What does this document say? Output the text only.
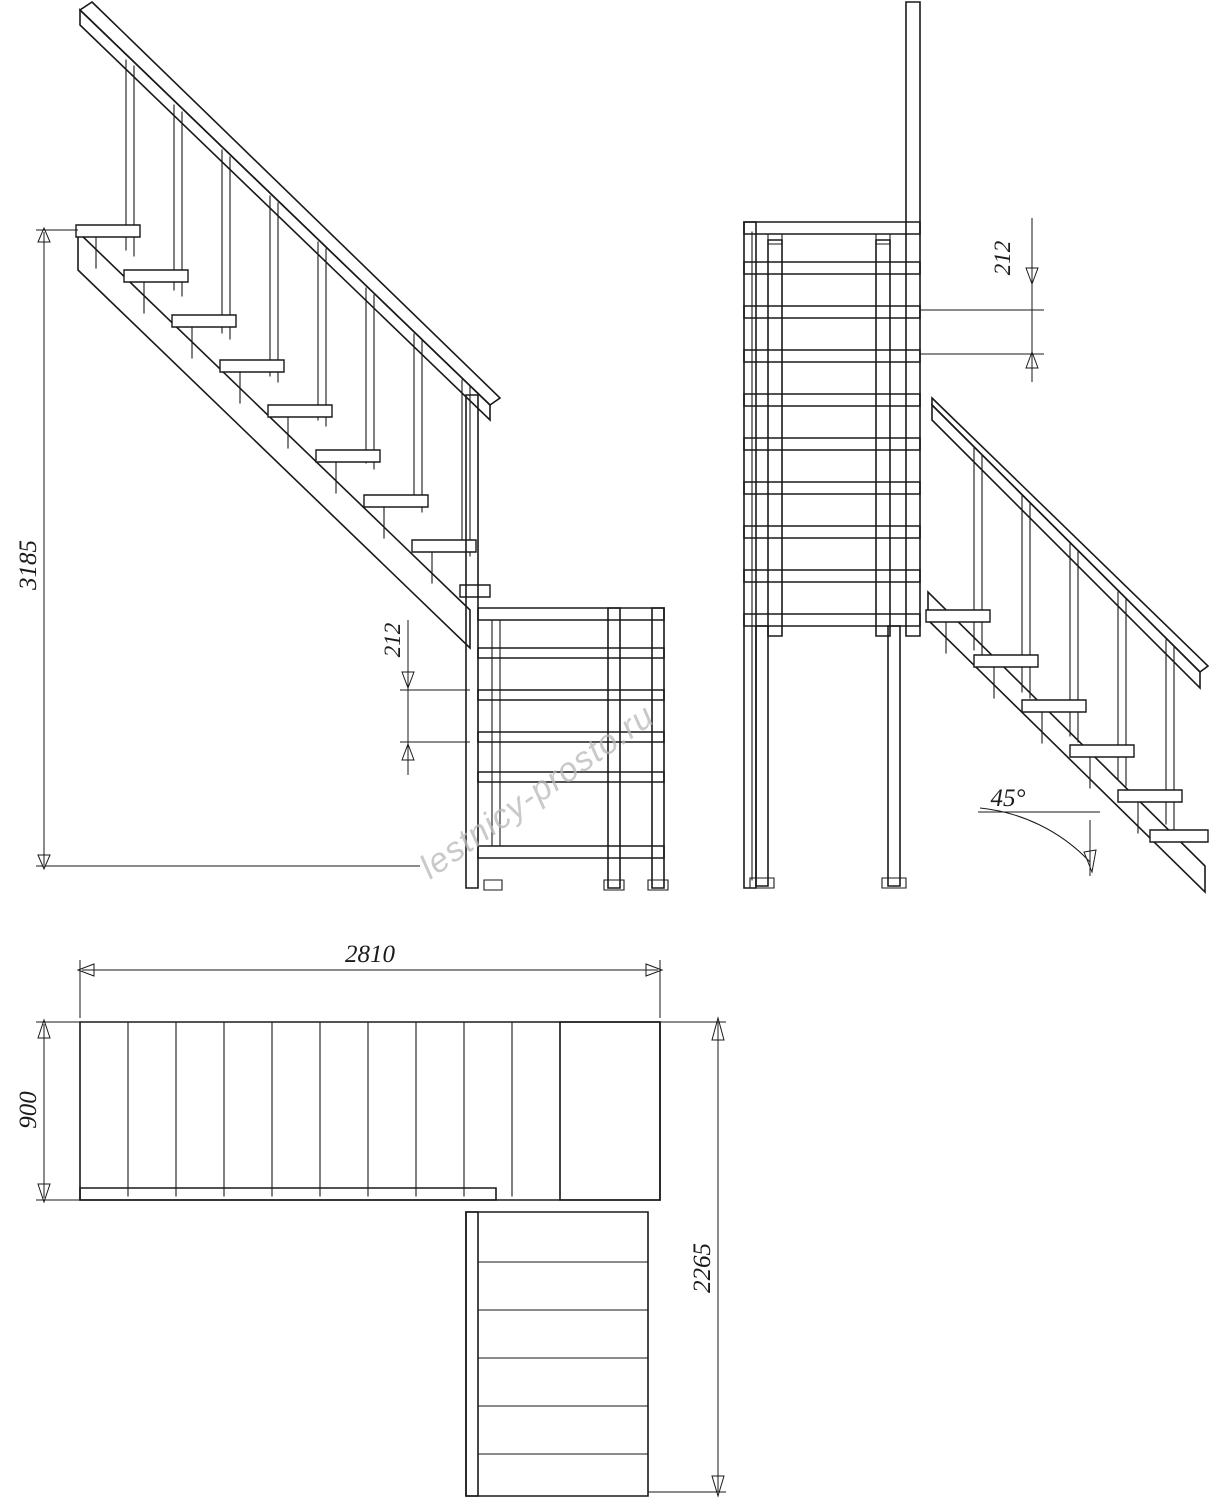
3185
212
212
45°
lestnicy-prosto.ru
2810
900
2265
